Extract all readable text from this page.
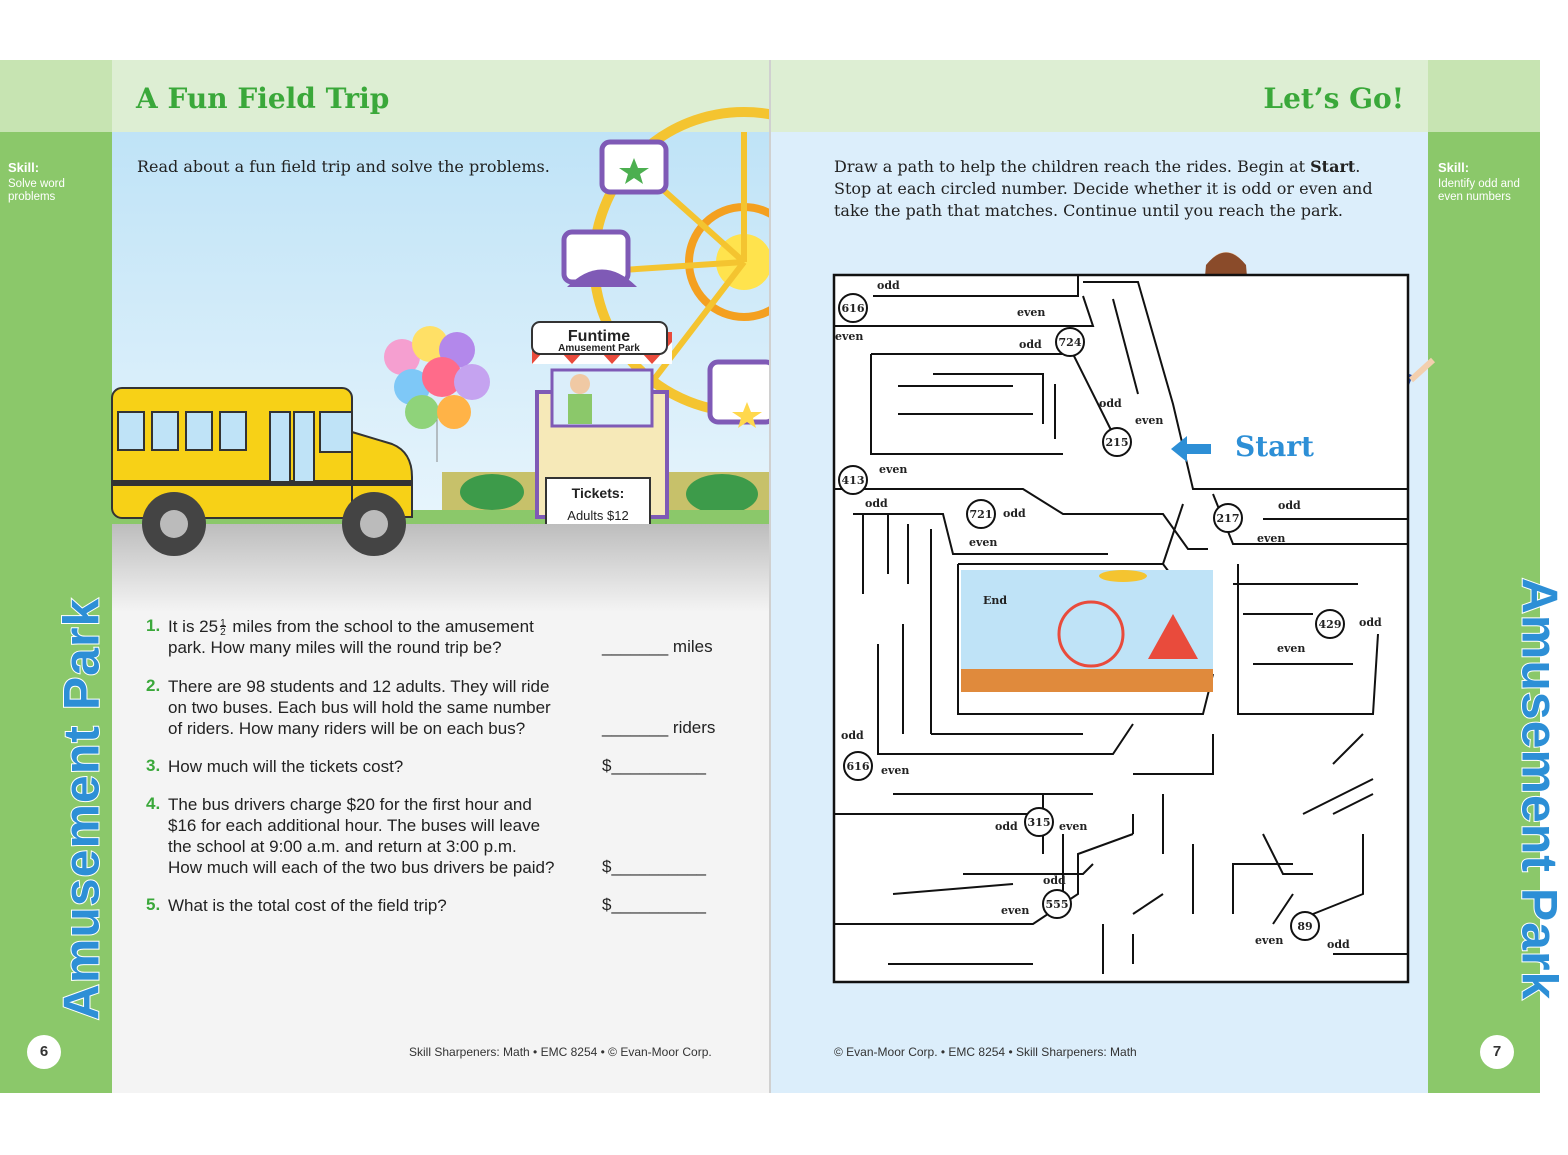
Skill:
Solve word problems
Amusement Park
6
Skill:
Identify odd and even numbers
Amusement Park
7
Funtime
Amusement Park
Tickets:
Adults $12
A Fun Field Trip
Read about a fun field trip and solve the problems.
1. It is 25 1
2 miles from the school to the amusement
park. How many miles will the round trip be?	_______ miles
2. There are 98 students and 12 adults. They will ride
on two buses. Each bus will hold the same number
of riders. How many riders will be on each bus?	_______ riders
3. How much will the tickets cost?	$__________
4. The bus drivers charge $20 for the first hour and
$16 for each additional hour. The buses will leave
the school at 9:00 a.m. and return at 3:00 p.m.
How much will each of the two bus drivers be paid?	$__________
5. What is the total cost of the field trip?	$__________
Skill Sharpeners: Math • EMC 8254 • © Evan-Moor Corp.
Let’s Go!
Draw a path to help the children reach the rides. Begin at Start.
Stop at each circled number. Decide whether it is odd or even and
take the path that matches. Continue until you reach the park.
End
616
724
215
413
721	217
429
616
315
555
89
odd
even
even
odd
odd
even
even
odd
odd
even
odd
even
odd
even
odd
even
odd	even
odd
even
even	odd
Start
© Evan-Moor Corp. • EMC 8254 • Skill Sharpeners: Math
